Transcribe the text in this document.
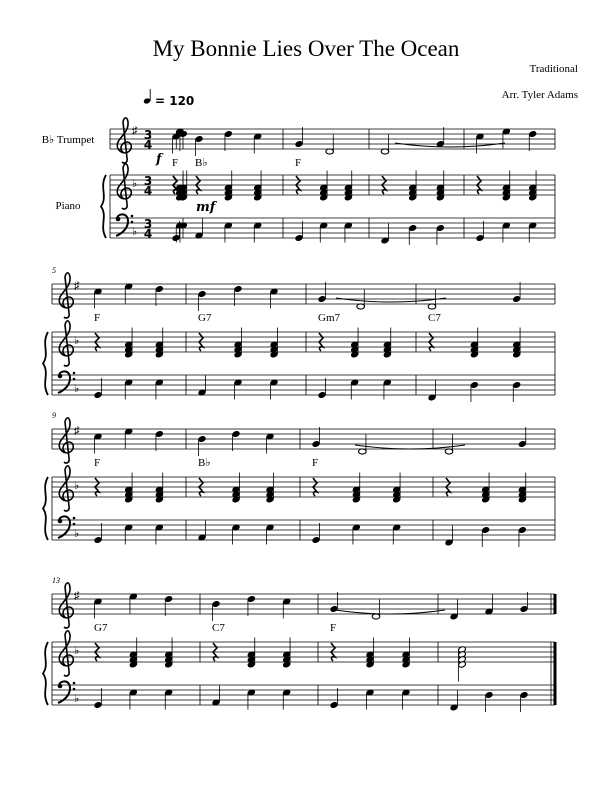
My Bonnie Lies Over The Ocean
Traditional
Arr. Tyler Adams
= 120
B♭ Trumpet
Piano
♯
♭
♭
3
4
3
4
3
4
F B♭	F
♯
♭
♭
5
F	G7	Gm7	C7
♯
♭
♭
9
F	B♭	F
♯
♭
♭
13
G7	C7	F
f
mf
